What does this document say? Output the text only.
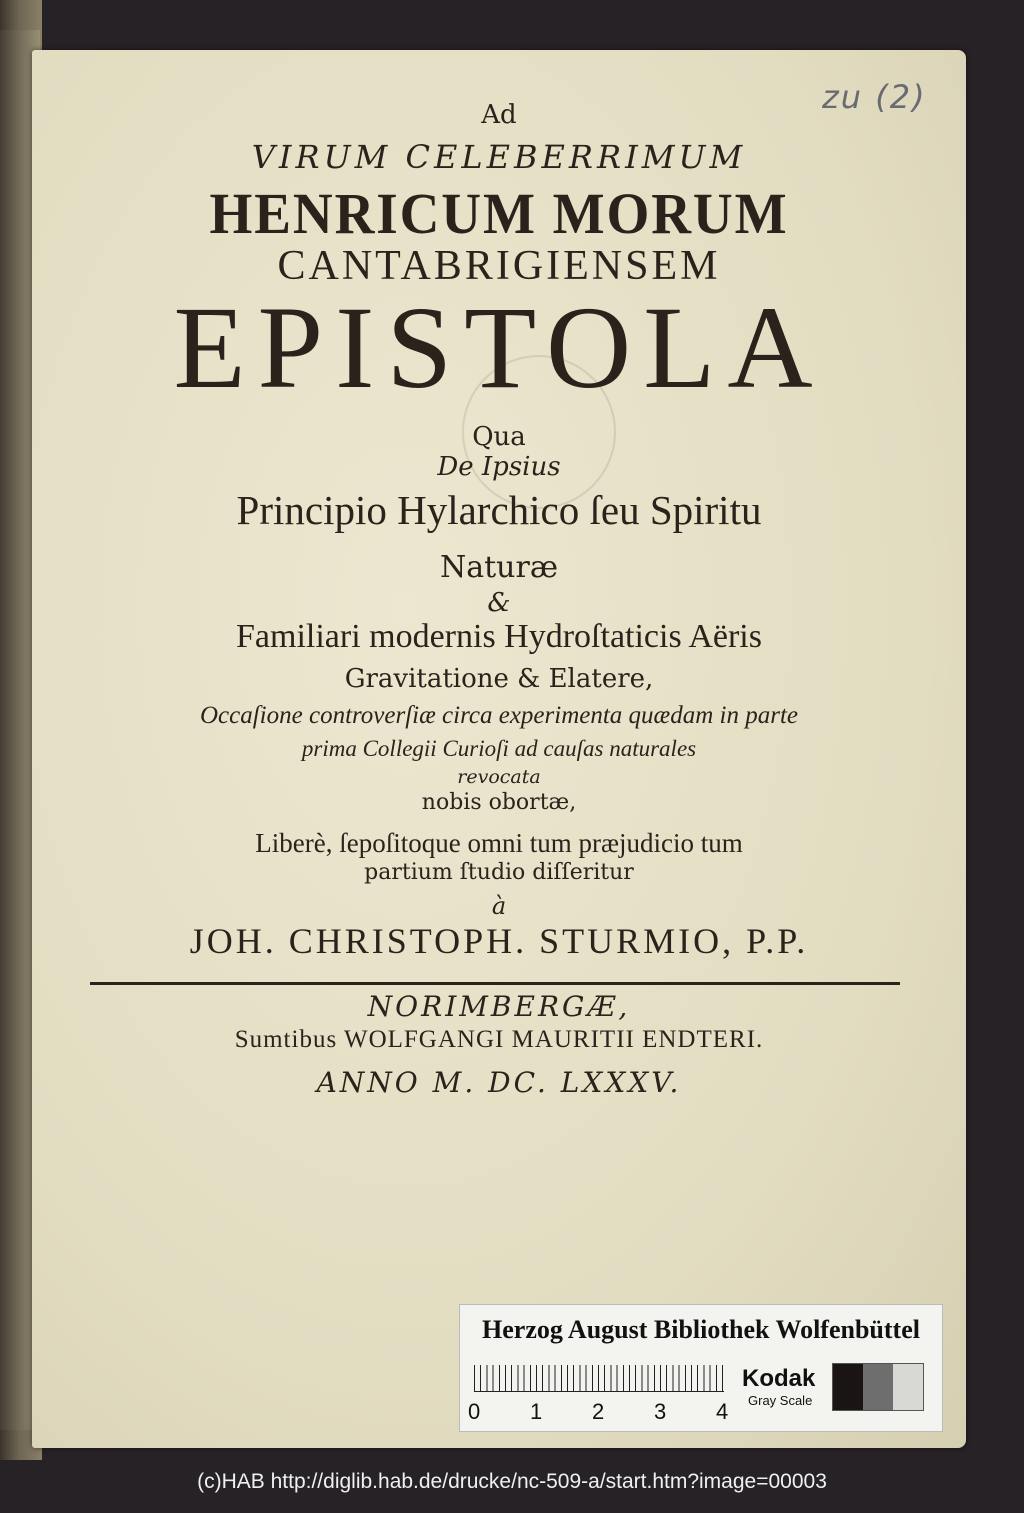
zu (2)
Ad
VIRUM CELEBERRIMUM
HENRICUM MORUM
CANTABRIGIENSEM
EPISTOLA
Qua
De Ipsius
Principio Hylarchico ſeu Spiritu
Naturæ
&
Familiari modernis Hydroſtaticis Aëris
Gravitatione & Elatere,
Occaſione controverſiæ circa experimenta quædam in parte
prima Collegii Curioſi ad cauſas naturales
revocata
nobis obortæ,
Liberè, ſepoſitoque omni tum præjudicio tum
partium ſtudio diſſeritur
à
JOH. CHRISTOPH. STURMIO, P.P.
NORIMBERGÆ,
Sumtibus WOLFGANGI MAURITII ENDTERI.
ANNO M. DC. LXXXV.
Herzog August Bibliothek Wolfenbüttel
0 1 2 3 4
Kodak
Gray Scale
(c)HAB http://diglib.hab.de/drucke/nc-509-a/start.htm?image=00003
